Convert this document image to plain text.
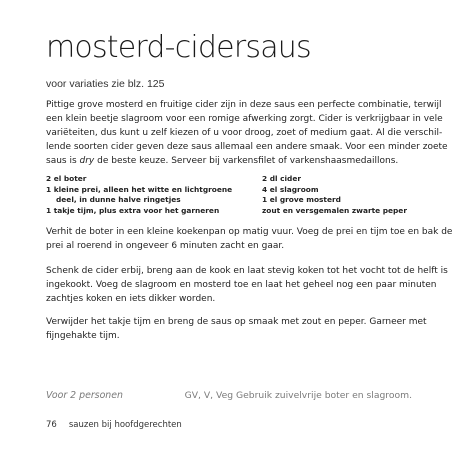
mosterd-cidersaus
voor variaties zie blz. 125
Pittige grove mosterd en fruitige cider zijn in deze saus een perfecte combinatie, terwijl
een klein beetje slagroom voor een romige afwerking zorgt. Cider is verkrijgbaar in vele
variëteiten, dus kunt u zelf kiezen of u voor droog, zoet of medium gaat. Al die verschil-
lende soorten cider geven deze saus allemaal een andere smaak. Voor een minder zoete
saus is dry de beste keuze. Serveer bij varkensfilet of varkenshaasmedaillons.
2 el boter
1 kleine prei, alleen het witte en lichtgroene
deel, in dunne halve ringetjes
1 takje tijm, plus extra voor het garneren
2 dl cider
4 el slagroom
1 el grove mosterd
zout en versgemalen zwarte peper
Verhit de boter in een kleine koekenpan op matig vuur. Voeg de prei en tijm toe en bak de
prei al roerend in ongeveer 6 minuten zacht en gaar.
Schenk de cider erbij, breng aan de kook en laat stevig koken tot het vocht tot de helft is
ingekookt. Voeg de slagroom en mosterd toe en laat het geheel nog een paar minuten
zachtjes koken en iets dikker worden.
Verwijder het takje tijm en breng de saus op smaak met zout en peper. Garneer met
fijngehakte tijm.
Voor 2 personen	GV, V, Veg Gebruik zuivelvrije boter en slagroom.
76 sauzen bij hoofdgerechten
